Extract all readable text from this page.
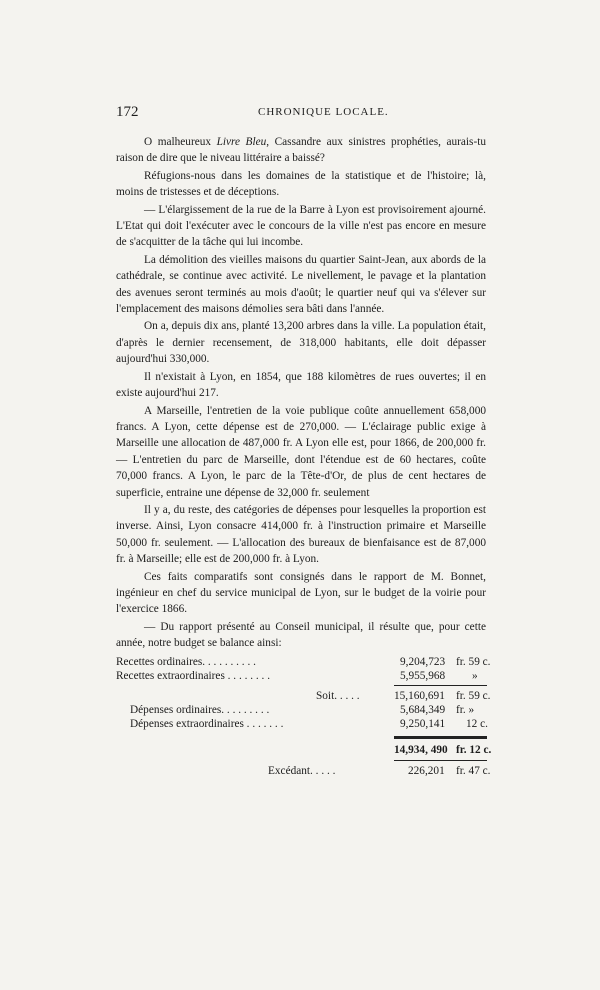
172	CHRONIQUE LOCALE.

O malheureux Livre Bleu, Cassandre aux sinistres prophéties, aurais-tu raison de dire que le niveau littéraire a baissé?

Réfugions-nous dans les domaines de la statistique et de l'histoire; là, moins de tristesses et de déceptions.

— L'élargissement de la rue de la Barre à Lyon est provisoirement ajourné. L'Etat qui doit l'exécuter avec le concours de la ville n'est pas encore en mesure de s'acquitter de la tâche qui lui incombe.

La démolition des vieilles maisons du quartier Saint-Jean, aux abords de la cathédrale, se continue avec activité. Le nivellement, le pavage et la plantation des avenues seront terminés au mois d'août; le quartier neuf qui va s'élever sur l'emplacement des maisons démolies sera bâti dans l'année.

On a, depuis dix ans, planté 13,200 arbres dans la ville. La population était, d'après le dernier recensement, de 318,000 habitants, elle doit dépasser aujourd'hui 330,000.

Il n'existait à Lyon, en 1854, que 188 kilomètres de rues ouvertes; il en existe aujourd'hui 217.

A Marseille, l'entretien de la voie publique coûte annuellement 658,000 francs. A Lyon, cette dépense est de 270,000. — L'éclairage public exige à Marseille une allocation de 487,000 fr. A Lyon elle est, pour 1866, de 200,000 fr. — L'entretien du parc de Marseille, dont l'étendue est de 60 hectares, coûte 70,000 francs. A Lyon, le parc de la Tête-d'Or, de plus de cent hectares de superficie, entraine une dépense de 32,000 fr. seulement

Il y a, du reste, des catégories de dépenses pour lesquelles la proportion est inverse. Ainsi, Lyon consacre 414,000 fr. à l'instruction primaire et Marseille 50,000 fr. seulement. — L'allocation des bureaux de bienfaisance est de 87,000 fr. à Marseille; elle est de 200,000 fr. à Lyon.

Ces faits comparatifs sont consignés dans le rapport de M. Bonnet, ingénieur en chef du service municipal de Lyon, sur le budget de la voirie pour l'exercice 1866.

— Du rapport présenté au Conseil municipal, il résulte que, pour cette année, notre budget se balance ainsi:

Recettes ordinaires. . . . . . . . . .	9,204,723 fr. 59 c.
Recettes extraordinaires . . . . . . . .	5,955,968 »
Soit. . . . .	15,160,691 fr. 59 c.
Dépenses ordinaires. . . . . . . . .	5,684,349 fr. »
Dépenses extraordinaires . . . . . . .	9,250,141 12 c.
14,934, 490 fr. 12 c.
Excédant. . . . .	226,201 fr. 47 c.
